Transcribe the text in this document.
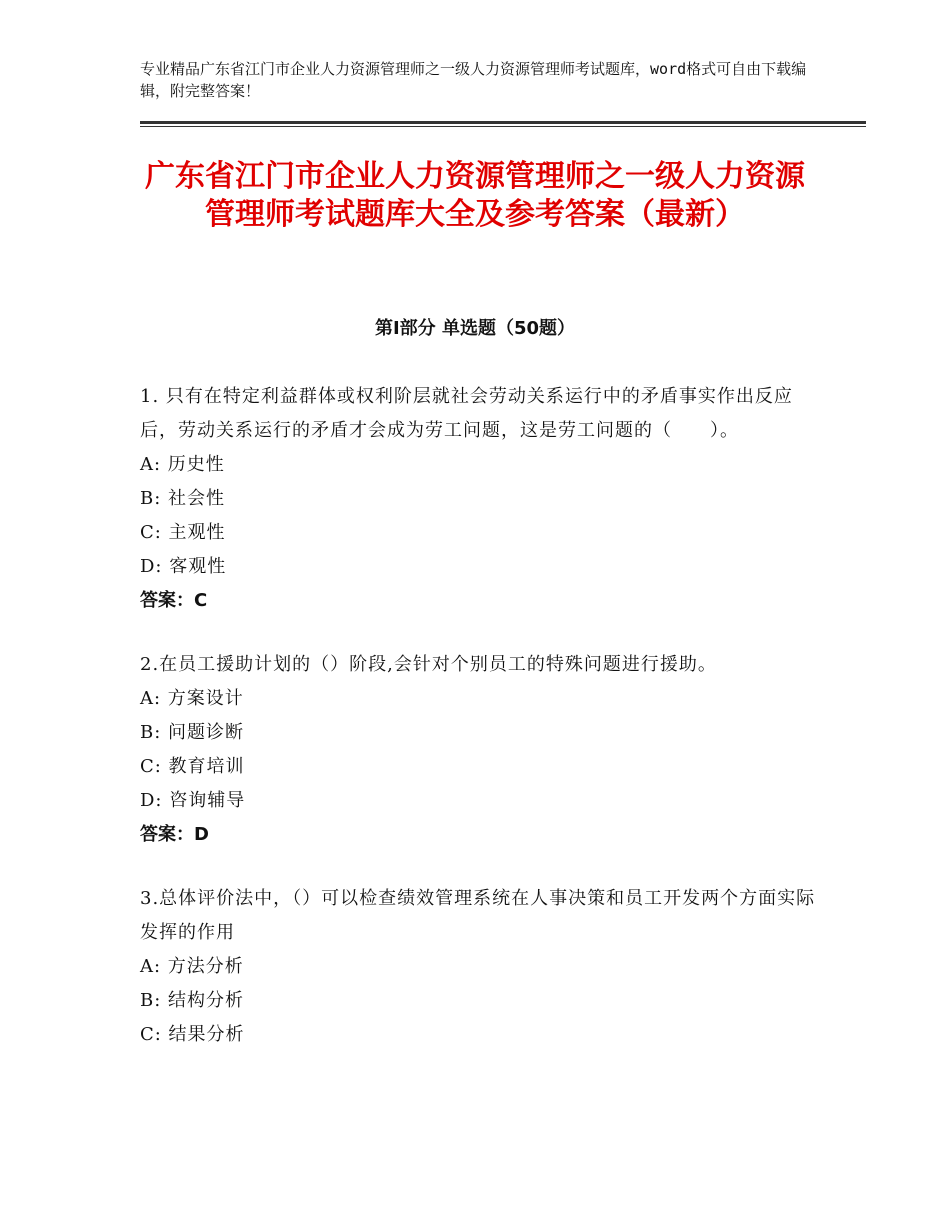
专业精品广东省江门市企业人力资源管理师之一级人力资源管理师考试题库，word格式可自由下载编辑，附完整答案！
广东省江门市企业人力资源管理师之一级人力资源管理师考试题库大全及参考答案（最新）
第Ⅰ部分 单选题（50题）
1. 只有在特定利益群体或权利阶层就社会劳动关系运行中的矛盾事实作出反应后，劳动关系运行的矛盾才会成为劳工问题，这是劳工问题的（　　）。
A: 历史性
B: 社会性
C: 主观性
D: 客观性
答案：C
2.在员工援助计划的（）阶段,会针对个别员工的特殊问题进行援助。
A: 方案设计
B: 问题诊断
C: 教育培训
D: 咨询辅导
答案：D
3.总体评价法中，（）可以检查绩效管理系统在人事决策和员工开发两个方面实际发挥的作用
A: 方法分析
B: 结构分析
C: 结果分析
